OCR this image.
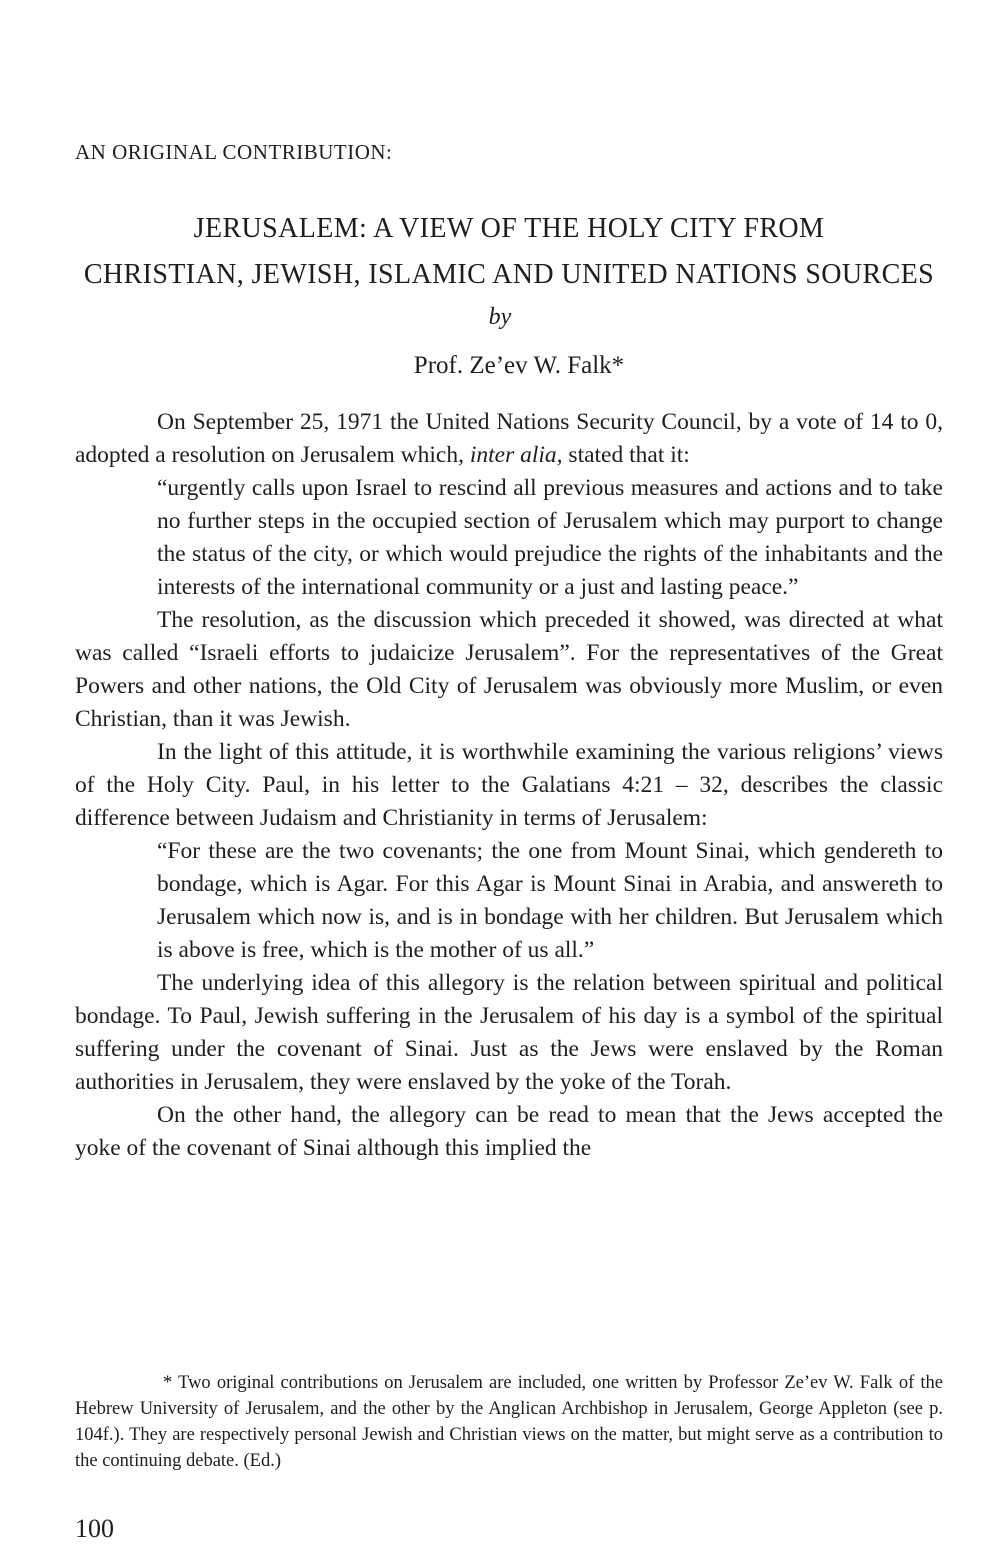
AN ORIGINAL CONTRIBUTION:
JERUSALEM: A VIEW OF THE HOLY CITY FROM
CHRISTIAN, JEWISH, ISLAMIC AND UNITED NATIONS SOURCES
by
Prof. Ze’ev W. Falk*

On September 25, 1971 the United Nations Security Council, by a vote of 14 to 0, adopted a resolution on Jerusalem which, inter alia, stated that it:

“urgently calls upon Israel to rescind all previous measures and actions and to take no further steps in the occupied section of Jerusalem which may purport to change the status of the city, or which would prejudice the rights of the inhabitants and the interests of the international community or a just and lasting peace.”

The resolution, as the discussion which preceded it showed, was directed at what was called “Israeli efforts to judaicize Jerusalem”. For the representatives of the Great Powers and other nations, the Old City of Jerusalem was obviously more Muslim, or even Christian, than it was Jewish.

In the light of this attitude, it is worthwhile examining the various religions’ views of the Holy City. Paul, in his letter to the Galatians 4:21 – 32, describes the classic difference between Judaism and Christianity in terms of Jerusalem:

“For these are the two covenants; the one from Mount Sinai, which gendereth to bondage, which is Agar. For this Agar is Mount Sinai in Arabia, and answereth to Jerusalem which now is, and is in bondage with her children. But Jerusalem which is above is free, which is the mother of us all.”

The underlying idea of this allegory is the relation between spiritual and political bondage. To Paul, Jewish suffering in the Jerusalem of his day is a symbol of the spiritual suffering under the covenant of Sinai. Just as the Jews were enslaved by the Roman authorities in Jerusalem, they were enslaved by the yoke of the Torah.

On the other hand, the allegory can be read to mean that the Jews accepted the yoke of the covenant of Sinai although this implied the

* Two original contributions on Jerusalem are included, one written by Professor Ze’ev W. Falk of the Hebrew University of Jerusalem, and the other by the Anglican Archbishop in Jerusalem, George Appleton (see p. 104f.). They are respectively personal Jewish and Christian views on the matter, but might serve as a contribution to the continuing debate. (Ed.)
100
